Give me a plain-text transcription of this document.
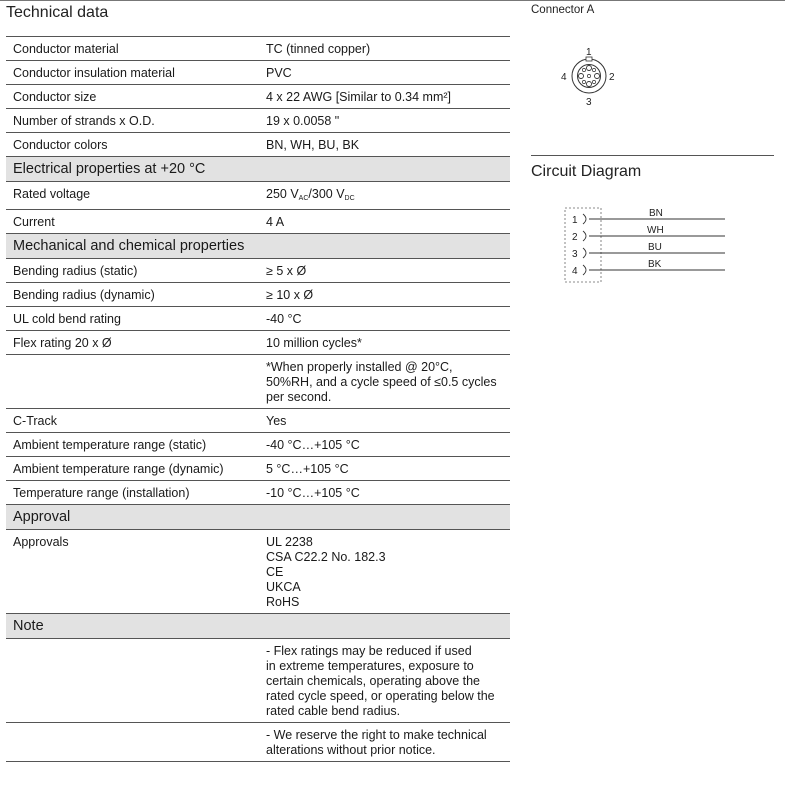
Technical data
Conductor material	TC (tinned copper)
Conductor insulation material	PVC
Conductor size	4 x 22 AWG [Similar to 0.34 mm²]
Number of strands x O.D.	19 x 0.0058 "
Conductor colors	BN, WH, BU, BK
Electrical properties at +20 °C	
Rated voltage	250 $V_{AC}/300$ $V_{DC}$
Current	4 A
Mechanical and chemical properties	
Bending radius (static)	≥ 5 x Ø
Bending radius (dynamic)	≥ 10 x Ø
UL cold bend rating	-40 °C
Flex rating 20 x Ø	10 million cycles*
	*When properly installed @ 20°C,
50%RH, and a cycle speed of ≤0.5 cycles
per second.
C-Track	Yes
Ambient temperature range (static)	-40 °C…+105 °C
Ambient temperature range (dynamic)	5 °C…+105 °C
Temperature range (installation)	-10 °C…+105 °C
Approval	
Approvals	UL 2238
CSA C22.2 No. 182.3
CE
UKCA
RoHS
Note	
	- Flex ratings may be reduced if used
in extreme temperatures, exposure to
certain chemicals, operating above the
rated cycle speed, or operating below the
rated cable bend radius.
	- We reserve the right to make technical
alterations without prior notice.
Connector A
1
2
3
4
Circuit Diagram
1
2
3
4
BN
WH
BU
BK
